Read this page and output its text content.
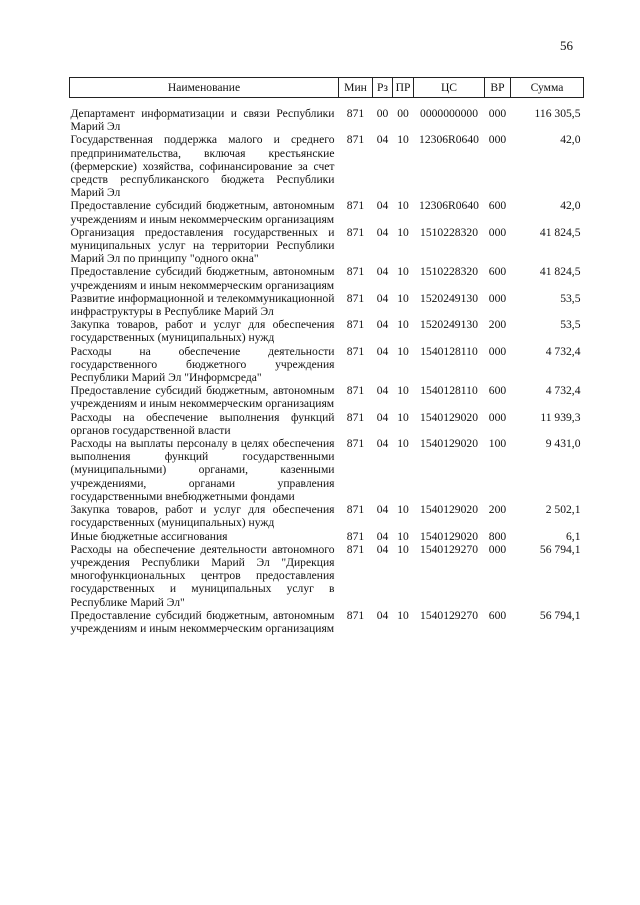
56
Наименование	Мин	Рз	ПР	ЦС	ВР	Сумма
Департамент информатизации и связи Республики Марий Эл	871	00	00	0000000000	000	116 305,5
Государственная поддержка малого и среднего предпринимательства, включая крестьянские (фермерские) хозяйства, софинансирование за счет средств республиканского бюджета Республики Марий Эл	871	04	10	12306R0640	000	42,0
Предоставление субсидий бюджетным, автономным учреждениям и иным некоммерческим организациям	871	04	10	12306R0640	600	42,0
Организация предоставления государственных и муниципальных услуг на территории Республики Марий Эл по принципу "одного окна"	871	04	10	1510228320	000	41 824,5
Предоставление субсидий бюджетным, автономным учреждениям и иным некоммерческим организациям	871	04	10	1510228320	600	41 824,5
Развитие информационной и телекоммуникационной инфраструктуры в Республике Марий Эл	871	04	10	1520249130	000	53,5
Закупка товаров, работ и услуг для обеспечения государственных (муниципальных) нужд	871	04	10	1520249130	200	53,5
Расходы на обеспечение деятельности государственного бюджетного учреждения Республики Марий Эл "Информсреда"	871	04	10	1540128110	000	4 732,4
Предоставление субсидий бюджетным, автономным учреждениям и иным некоммерческим организациям	871	04	10	1540128110	600	4 732,4
Расходы на обеспечение выполнения функций органов государственной власти	871	04	10	1540129020	000	11 939,3
Расходы на выплаты персоналу в целях обеспечения выполнения функций государственными (муниципальными) органами, казенными учреждениями, органами управления государственными внебюджетными фондами	871	04	10	1540129020	100	9 431,0
Закупка товаров, работ и услуг для обеспечения государственных (муниципальных) нужд	871	04	10	1540129020	200	2 502,1
Иные бюджетные ассигнования	871	04	10	1540129020	800	6,1
Расходы на обеспечение деятельности автономного учреждения Республики Марий Эл "Дирекция многофункциональных центров предоставления государственных и муниципальных услуг в Республике Марий Эл"	871	04	10	1540129270	000	56 794,1
Предоставление субсидий бюджетным, автономным учреждениям и иным некоммерческим организациям	871	04	10	1540129270	600	56 794,1
